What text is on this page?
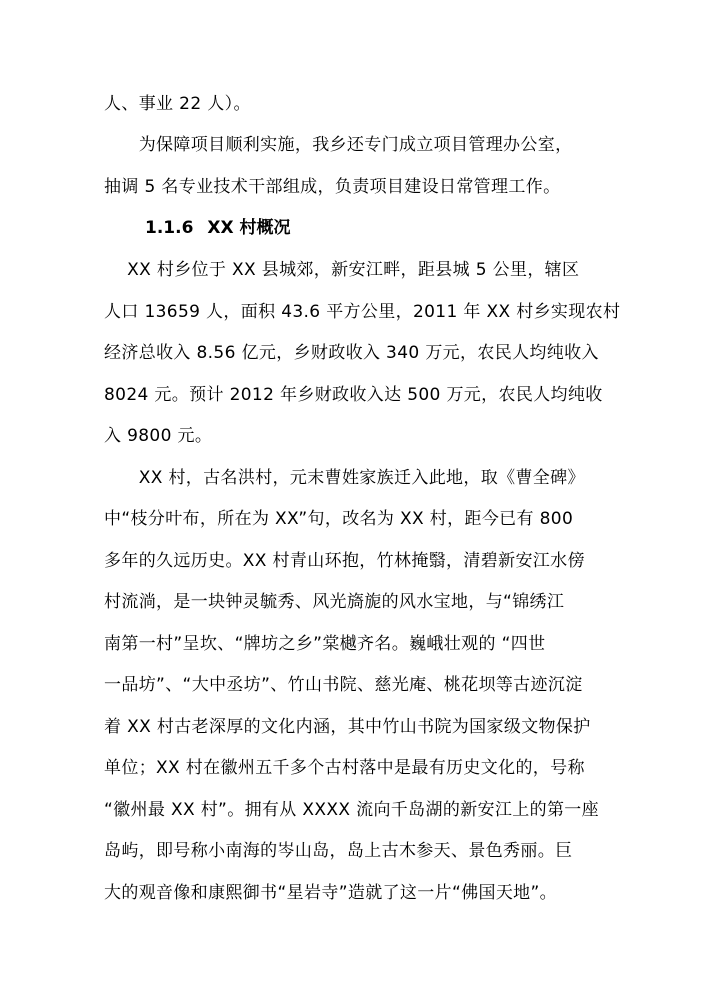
人、事业 22 人）。
　　为保障项目顺利实施，我乡还专门成立项目管理办公室，
抽调 5 名专业技术干部组成，负责项目建设日常管理工作。
1.1.6 XX 村概况
　 XX 村乡位于 XX 县城郊，新安江畔，距县城 5 公里，辖区
人口 13659 人，面积 43.6 平方公里，2011 年 XX 村乡实现农村
经济总收入 8.56 亿元，乡财政收入 340 万元，农民人均纯收入
8024 元。预计 2012 年乡财政收入达 500 万元，农民人均纯收
入 9800 元。
　　XX 村，古名洪村，元末曹姓家族迁入此地，取《曹全碑》
中“枝分叶布，所在为 XX”句，改名为 XX 村，距今已有 800
多年的久远历史。XX 村青山环抱，竹林掩翳，清碧新安江水傍
村流淌，是一块钟灵毓秀、风光旖旎的风水宝地，与“锦绣江
南第一村”呈坎、“牌坊之乡”棠樾齐名。巍峨壮观的 “四世
一品坊”、“大中丞坊”、竹山书院、慈光庵、桃花坝等古迹沉淀
着 XX 村古老深厚的文化内涵，其中竹山书院为国家级文物保护
单位；XX 村在徽州五千多个古村落中是最有历史文化的，号称
“徽州最 XX 村”。拥有从 XXXX 流向千岛湖的新安江上的第一座
岛屿，即号称小南海的岑山岛，岛上古木参天、景色秀丽。巨
大的观音像和康熙御书“星岩寺”造就了这一片“佛国天地”。
